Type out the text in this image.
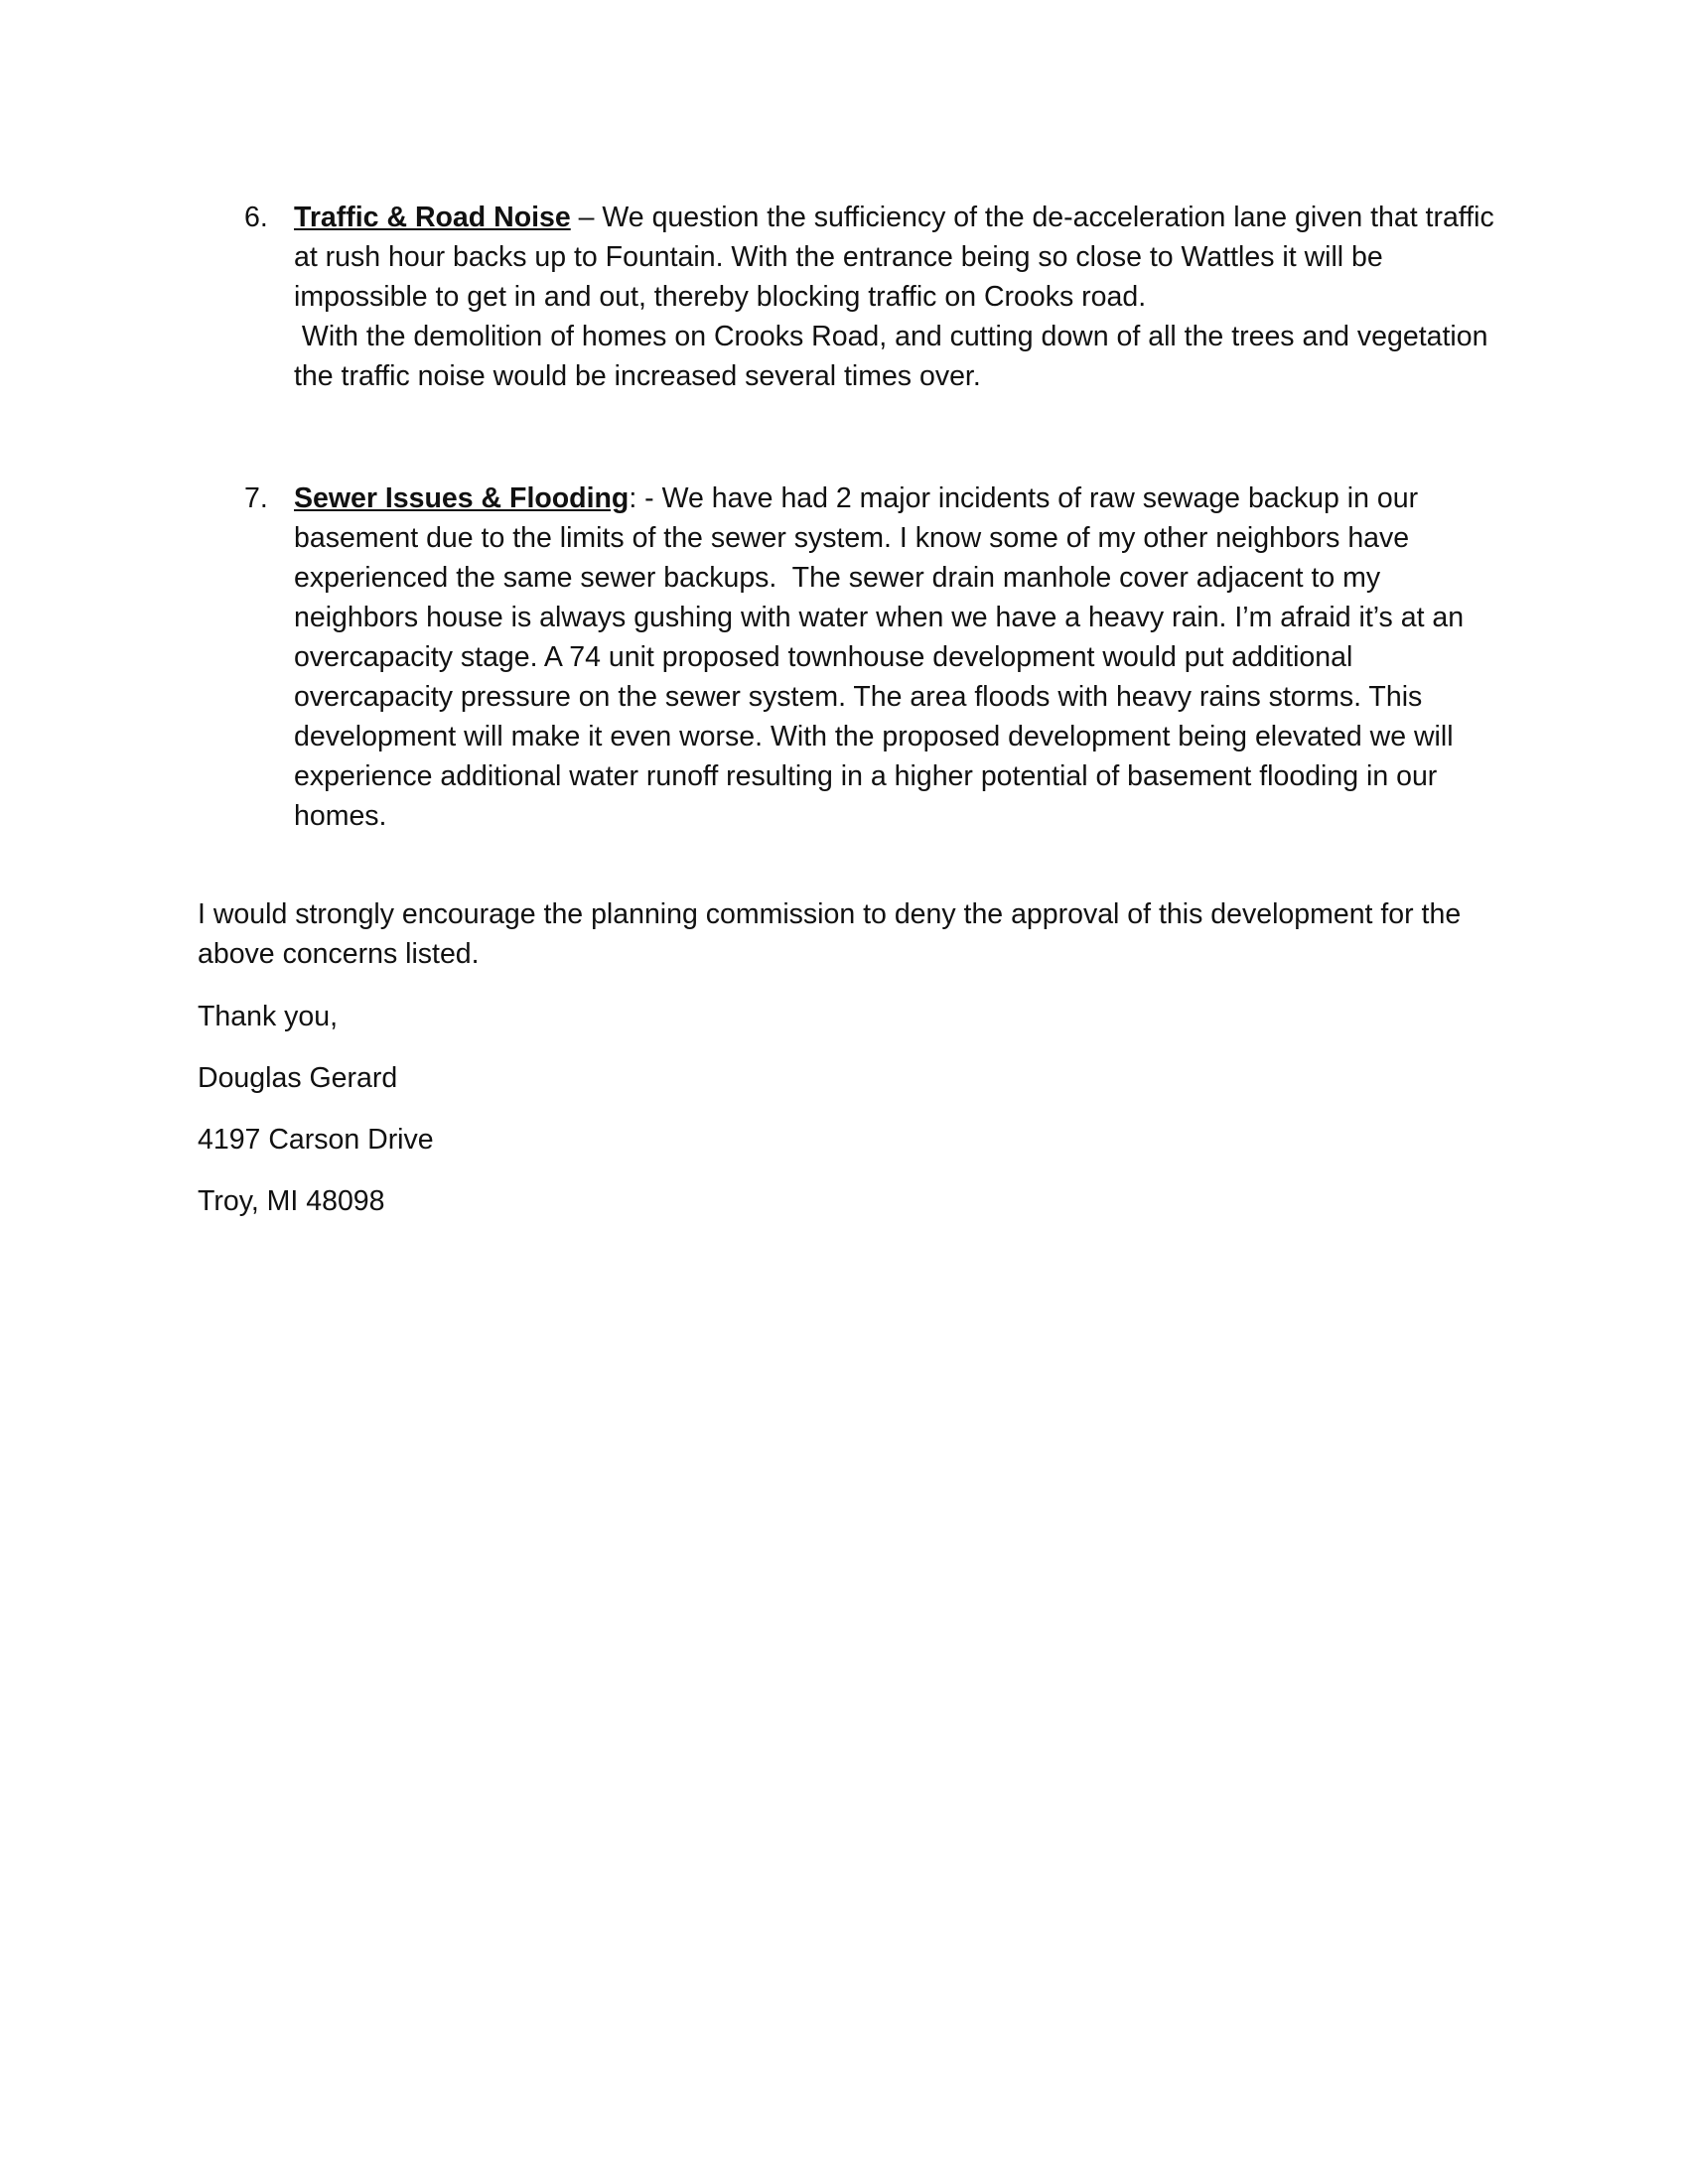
6. Traffic & Road Noise – We question the sufficiency of the de-acceleration lane given that traffic
at rush hour backs up to Fountain. With the entrance being so close to Wattles it will be
impossible to get in and out, thereby blocking traffic on Crooks road.
With the demolition of homes on Crooks Road, and cutting down of all the trees and vegetation
the traffic noise would be increased several times over.
7. Sewer Issues & Flooding: - We have had 2 major incidents of raw sewage backup in our
basement due to the limits of the sewer system. I know some of my other neighbors have
experienced the same sewer backups.  The sewer drain manhole cover adjacent to my
neighbors house is always gushing with water when we have a heavy rain. I’m afraid it’s at an
overcapacity stage. A 74 unit proposed townhouse development would put additional
overcapacity pressure on the sewer system. The area floods with heavy rains storms. This
development will make it even worse. With the proposed development being elevated we will
experience additional water runoff resulting in a higher potential of basement flooding in our
homes.
I would strongly encourage the planning commission to deny the approval of this development for the
above concerns listed.
Thank you,
Douglas Gerard
4197 Carson Drive
Troy, MI 48098
